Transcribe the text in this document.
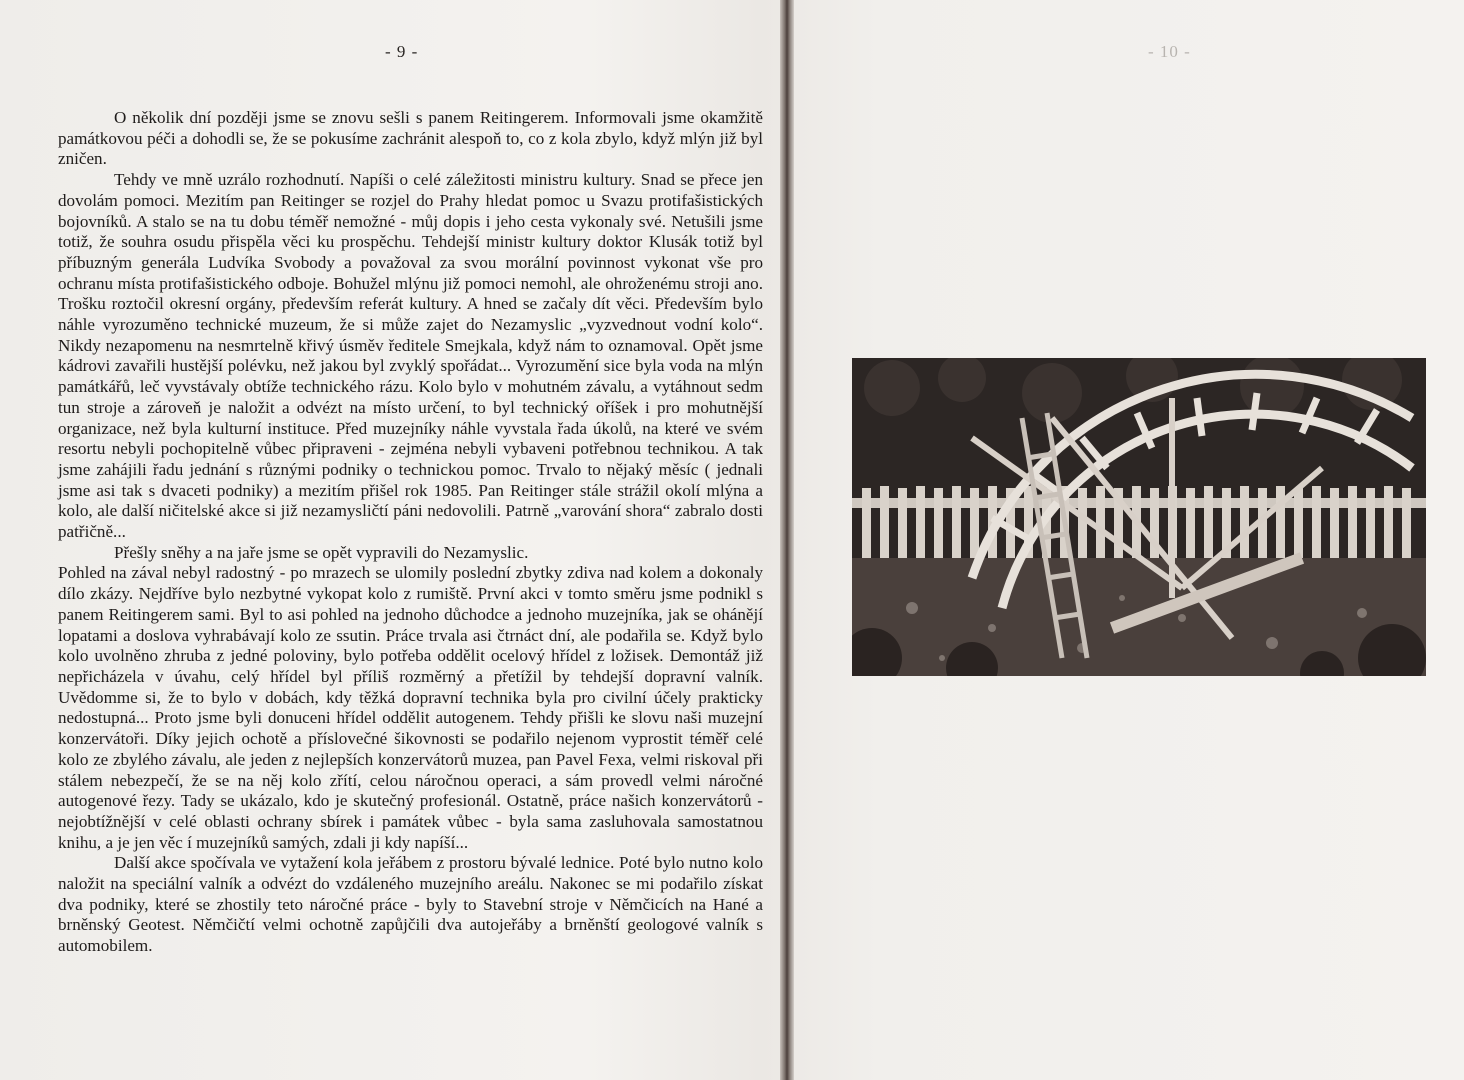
- 9 -

O několik dní později jsme se znovu sešli s panem Reitingerem. Informovali jsme okamžitě památkovou péči a dohodli se, že se pokusíme zachránit alespoň to, co z kola zbylo, když mlýn již byl zničen.

Tehdy ve mně uzrálo rozhodnutí. Napíši o celé záležitosti ministru kultury. Snad se přece jen dovolám pomoci. Mezitím pan Reitinger se rozjel do Prahy hledat pomoc u Svazu protifašistických bojovníků. A stalo se na tu dobu téměř nemožné - můj dopis i jeho cesta vykonaly své. Netušili jsme totiž, že souhra osudu přispěla věci ku prospěchu. Tehdejší ministr kultury doktor Klusák totiž byl příbuzným generála Ludvíka Svobody a považoval za svou morální povinnost vykonat vše pro ochranu místa protifašistického odboje. Bohužel mlýnu již pomoci nemohl, ale ohroženému stroji ano. Trošku roztočil okresní orgány, především referát kultury. A hned se začaly dít věci. Především bylo náhle vyrozuměno technické muzeum, že si může zajet do Nezamyslic „vyzvednout vodní kolo“. Nikdy nezapomenu na nesmrtelně křivý úsměv ředitele Smejkala, když nám to oznamoval. Opět jsme kádrovi zavařili hustější polévku, než jakou byl zvyklý spořádat... Vyrozumění sice byla voda na mlýn památkářů, leč vyvstávaly obtíže technického rázu. Kolo bylo v mohutném závalu, a vytáhnout sedm tun stroje a zároveň je naložit a odvézt na místo určení, to byl technický oříšek i pro mohutnější organizace, než byla kulturní instituce. Před muzejníky náhle vyvstala řada úkolů, na které ve svém resortu nebyli pochopitelně vůbec připraveni - zejména nebyli vybaveni potřebnou technikou. A tak jsme zahájili řadu jednání s různými podniky o technickou pomoc. Trvalo to nějaký měsíc ( jednali jsme asi tak s dvaceti podniky) a mezitím přišel rok 1985. Pan Reitinger stále strážil okolí mlýna a kolo, ale další ničitelské akce si již nezamysličtí páni nedovolili. Patrně „varování shora“ zabralo dosti patřičně...

Přešly sněhy a na jaře jsme se opět vypravili do Nezamyslic.

Pohled na zával nebyl radostný - po mrazech se ulomily poslední zbytky zdiva nad kolem a dokonaly dílo zkázy. Nejdříve bylo nezbytné vykopat kolo z rumiště. První akci v tomto směru jsme podnikl s panem Reitingerem sami. Byl to asi pohled na jednoho důchodce a jednoho muzejníka, jak se ohánějí lopatami a doslova vyhrabávají kolo ze ssutin. Práce trvala asi čtrnáct dní, ale podařila se. Když bylo kolo uvolněno zhruba z jedné poloviny, bylo potřeba oddělit ocelový hřídel z ložisek. Demontáž již nepřicházela v úvahu, celý hřídel byl příliš rozměrný a přetížil by tehdejší dopravní valník. Uvědomme si, že to bylo v dobách, kdy těžká dopravní technika byla pro civilní účely prakticky nedostupná... Proto jsme byli donuceni hřídel oddělit autogenem. Tehdy přišli ke slovu naši muzejní konzervátoři. Díky jejich ochotě a příslovečné šikovnosti se podařilo nejenom vyprostit téměř celé kolo ze zbylého závalu, ale jeden z nejlepších konzervátorů muzea, pan Pavel Fexa, velmi riskoval při stálem nebezpečí, že se na něj kolo zřítí, celou náročnou operaci, a sám provedl velmi náročné autogenové řezy. Tady se ukázalo, kdo je skutečný profesionál. Ostatně, práce našich konzervátorů - nejobtížnější v celé oblasti ochrany sbírek i památek vůbec - byla sama zasluhovala samostatnou knihu, a je jen věc í muzejníků samých, zdali ji kdy napíší...

Další akce spočívala ve vytažení kola jeřábem z prostoru bývalé lednice. Poté bylo nutno kolo naložit na speciální valník a odvézt do vzdáleného muzejního areálu. Nakonec se mi podařilo získat dva podniky, které se zhostily teto náročné práce - byly to Stavební stroje v Němčicích na Hané a brněnský Geotest. Němčičtí velmi ochotně zapůjčili dva autojeřáby a brněnští geologové valník s automobilem.

- 10 -
